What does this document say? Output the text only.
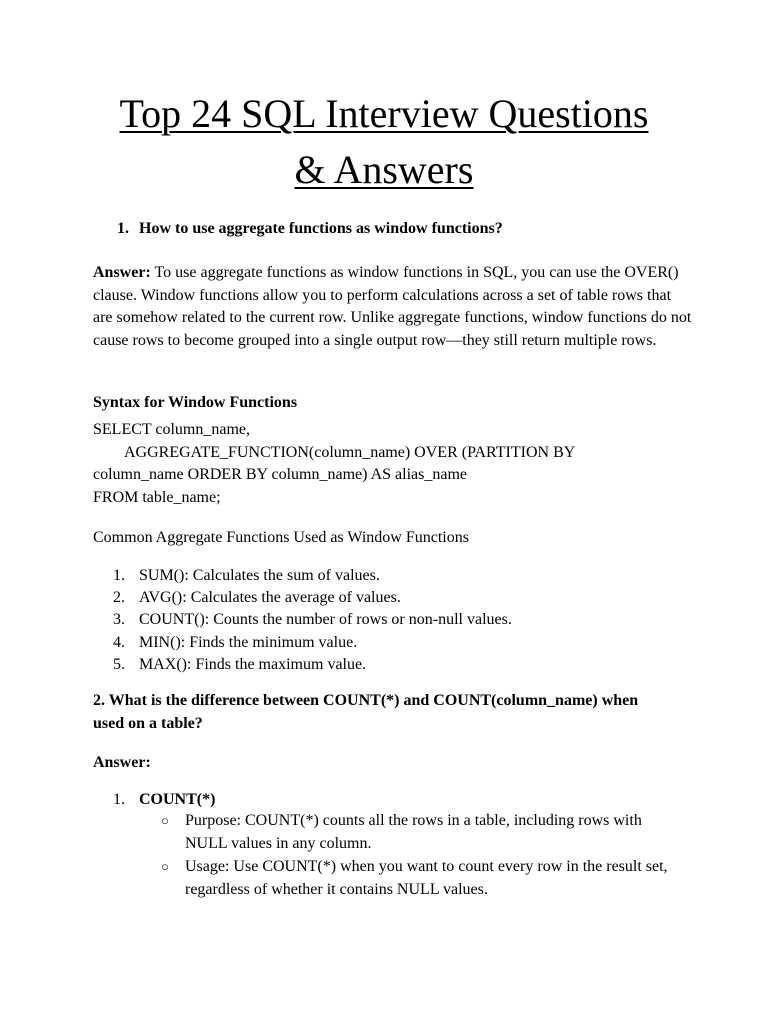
Top 24 SQL Interview Questions
& Answers

1. How to use aggregate functions as window functions?

Answer: To use aggregate functions as window functions in SQL, you can use the OVER() clause. Window functions allow you to perform calculations across a set of table rows that are somehow related to the current row. Unlike aggregate functions, window functions do not cause rows to become grouped into a single output row—they still return multiple rows.

Syntax for Window Functions

SELECT column_name,
AGGREGATE_FUNCTION(column_name) OVER (PARTITION BY
column_name ORDER BY column_name) AS alias_name
FROM table_name;

Common Aggregate Functions Used as Window Functions

1. SUM(): Calculates the sum of values.
2. AVG(): Calculates the average of values.
3. COUNT(): Counts the number of rows or non-null values.
4. MIN(): Finds the minimum value.
5. MAX(): Finds the maximum value.

2. What is the difference between COUNT(*) and COUNT(column_name) when used on a table?

Answer:

1. COUNT(*)
○ Purpose: COUNT(*) counts all the rows in a table, including rows with NULL values in any column.
○ Usage: Use COUNT(*) when you want to count every row in the result set, regardless of whether it contains NULL values.
